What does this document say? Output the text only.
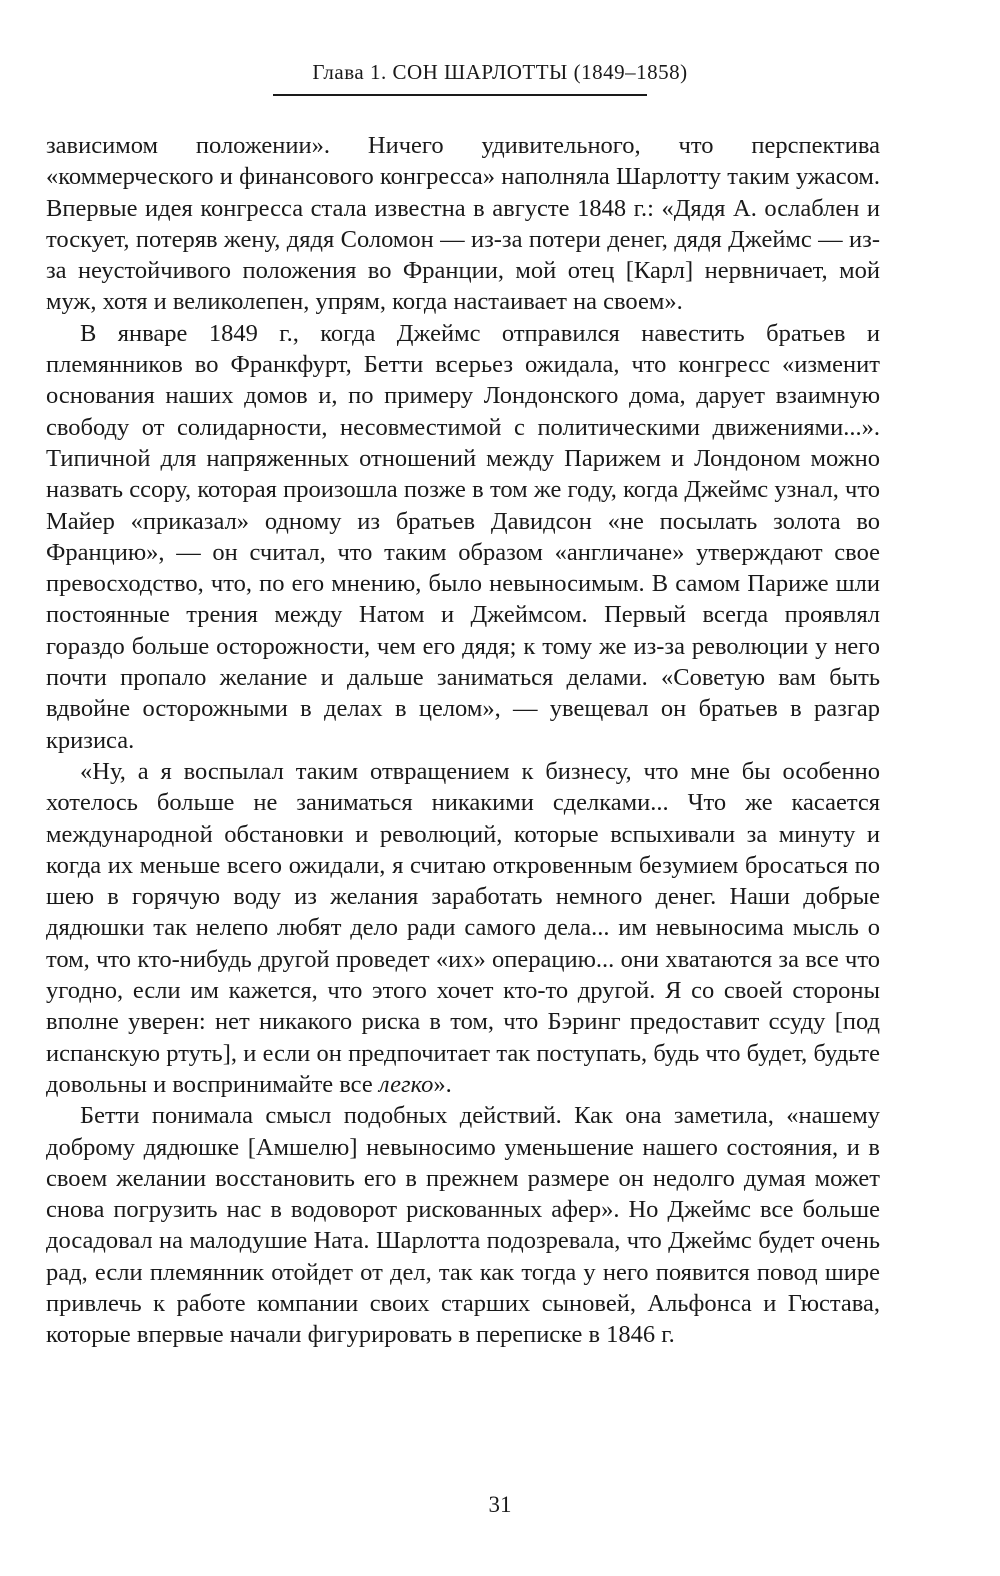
Глава 1. СОН ШАРЛОТТЫ (1849–1858)

зависимом положении». Ничего удивительного, что перспектива «коммерческого и финансового конгресса» наполняла Шарлотту таким ужасом. Впервые идея конгресса стала известна в августе 1848 г.: «Дядя А. ослаблен и тоскует, потеряв жену, дядя Соломон — из-за потери денег, дядя Джеймс — из-за неустойчивого положения во Франции, мой отец [Карл] нервничает, мой муж, хотя и великолепен, упрям, когда настаивает на своем».

В январе 1849 г., когда Джеймс отправился навестить братьев и племянников во Франкфурт, Бетти всерьез ожидала, что конгресс «изменит основания наших домов и, по примеру Лондонского дома, дарует взаимную свободу от солидарности, несовместимой с политическими движениями...». Типичной для напряженных отношений между Парижем и Лондоном можно назвать ссору, которая произошла позже в том же году, когда Джеймс узнал, что Майер «приказал» одному из братьев Давидсон «не посылать золота во Францию», — он считал, что таким образом «англичане» утверждают свое превосходство, что, по его мнению, было невыносимым. В самом Париже шли постоянные трения между Натом и Джеймсом. Первый всегда проявлял гораздо больше осторожности, чем его дядя; к тому же из-за революции у него почти пропало желание и дальше заниматься делами. «Советую вам быть вдвойне осторожными в делах в целом», — увещевал он братьев в разгар кризиса.

«Ну, а я воспылал таким отвращением к бизнесу, что мне бы особенно хотелось больше не заниматься никакими сделками... Что же касается международной обстановки и революций, которые вспыхивали за минуту и когда их меньше всего ожидали, я считаю откровенным безумием бросаться по шею в горячую воду из желания заработать немного денег. Наши добрые дядюшки так нелепо любят дело ради самого дела... им невыносима мысль о том, что кто-нибудь другой проведет «их» операцию... они хватаются за все что угодно, если им кажется, что этого хочет кто-то другой. Я со своей стороны вполне уверен: нет никакого риска в том, что Бэринг предоставит ссуду [под испанскую ртуть], и если он предпочитает так поступать, будь что будет, будьте довольны и воспринимайте все легко».

Бетти понимала смысл подобных действий. Как она заметила, «нашему доброму дядюшке [Амшелю] невыносимо уменьшение нашего состояния, и в своем желании восстановить его в прежнем размере он недолго думая может снова погрузить нас в водоворот рискованных афер». Но Джеймс все больше досадовал на малодушие Ната. Шарлотта подозревала, что Джеймс будет очень рад, если племянник отойдет от дел, так как тогда у него появится повод шире привлечь к работе компании своих старших сыновей, Альфонса и Гюстава, которые впервые начали фигурировать в переписке в 1846 г.

31
